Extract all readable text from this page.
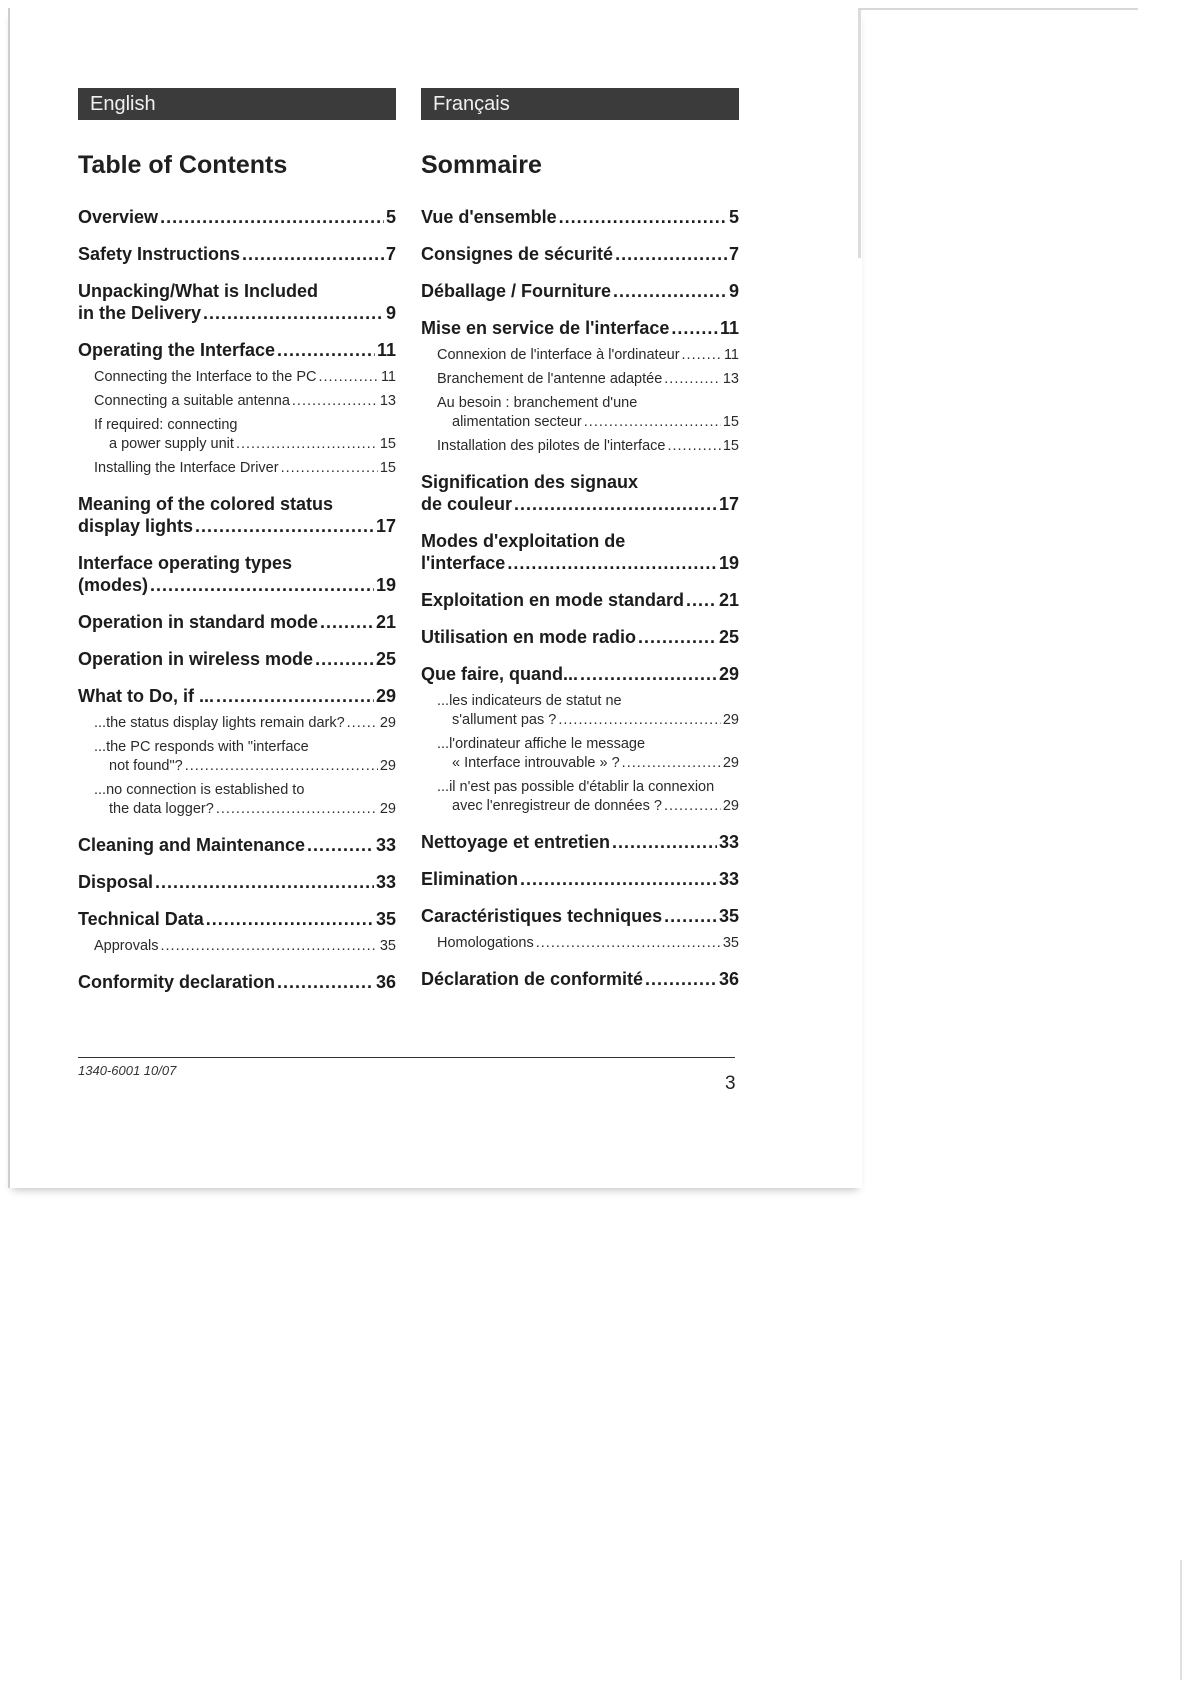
English
Table of Contents
Overview .....	5
Safety Instructions .....	7
Unpacking/What is Included
in the Delivery .....	9
Operating the Interface .....	11
Connecting the Interface to the PC .....	11
Connecting a suitable antenna .....	13
If required: connecting
a power supply unit .....	15
Installing the Interface Driver .....	15
Meaning of the colored status
display lights .....	17
Interface operating types
(modes) .....	19
Operation in standard mode .....	21
Operation in wireless mode .....	25
What to Do, if ... .....	29
...the status display lights remain dark? ..... 29
...the PC responds with "interface
not found"? .....	29
...no connection is established to
the data logger? .....	29
Cleaning and Maintenance .....	33
Disposal .....	33
Technical Data .....	35
Approvals .....	35
Conformity declaration .....	36
Français
Sommaire
Vue d'ensemble .....	5
Consignes de sécurité .....	7
Déballage / Fourniture .....	9
Mise en service de l'interface .....	11
Connexion de l'interface à l'ordinateur .....	11
Branchement de l'antenne adaptée .....	13
Au besoin : branchement d'une
alimentation secteur .....	15
Installation des pilotes de l'interface .....	15
Signification des signaux
de couleur .....	17
Modes d'exploitation de
l'interface .....	19
Exploitation en mode standard ..... 21
Utilisation en mode radio .....	25
Que faire, quand... .....	29
...les indicateurs de statut ne
s'allument pas ? .....	29
...l'ordinateur affiche le message
« Interface introuvable » ? .....	29
...il n'est pas possible d'établir la connexion
avec l'enregistreur de données ? .....	29
Nettoyage et entretien .....	33
Elimination .....	33
Caractéristiques techniques .....	35
Homologations .....	35
Déclaration de conformité .....	36
1340-6001 10/07
3
